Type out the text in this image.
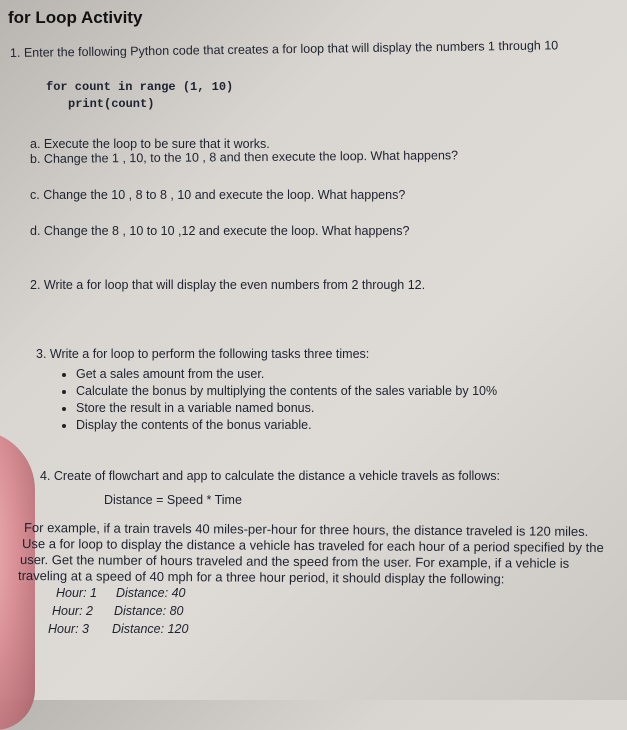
for Loop Activity
1. Enter the following Python code that creates a for loop that will display the numbers 1 through 10
for count in range (1, 10)
print(count)
a. Execute the loop to be sure that it works.
b. Change the 1 , 10, to the 10 , 8 and then execute the loop. What happens?
c. Change the 10 , 8 to 8 , 10 and execute the loop. What happens?
d. Change the 8 , 10 to 10 ,12 and execute the loop. What happens?
2. Write a for loop that will display the even numbers from 2 through 12.
3. Write a for loop to perform the following tasks three times:
Get a sales amount from the user.
Calculate the bonus by multiplying the contents of the sales variable by 10%
Store the result in a variable named bonus.
Display the contents of the bonus variable.
4. Create of flowchart and app to calculate the distance a vehicle travels as follows:
Distance = Speed * Time
For example, if a train travels 40 miles-per-hour for three hours, the distance traveled is 120 miles.
Use a for loop to display the distance a vehicle has traveled for each hour of a period specified by the
user. Get the number of hours traveled and the speed from the user. For example, if a vehicle is
traveling at a speed of 40 mph for a three hour period, it should display the following:
Hour: 1 Distance: 40
Hour: 2 Distance: 80
Hour: 3 Distance: 120
